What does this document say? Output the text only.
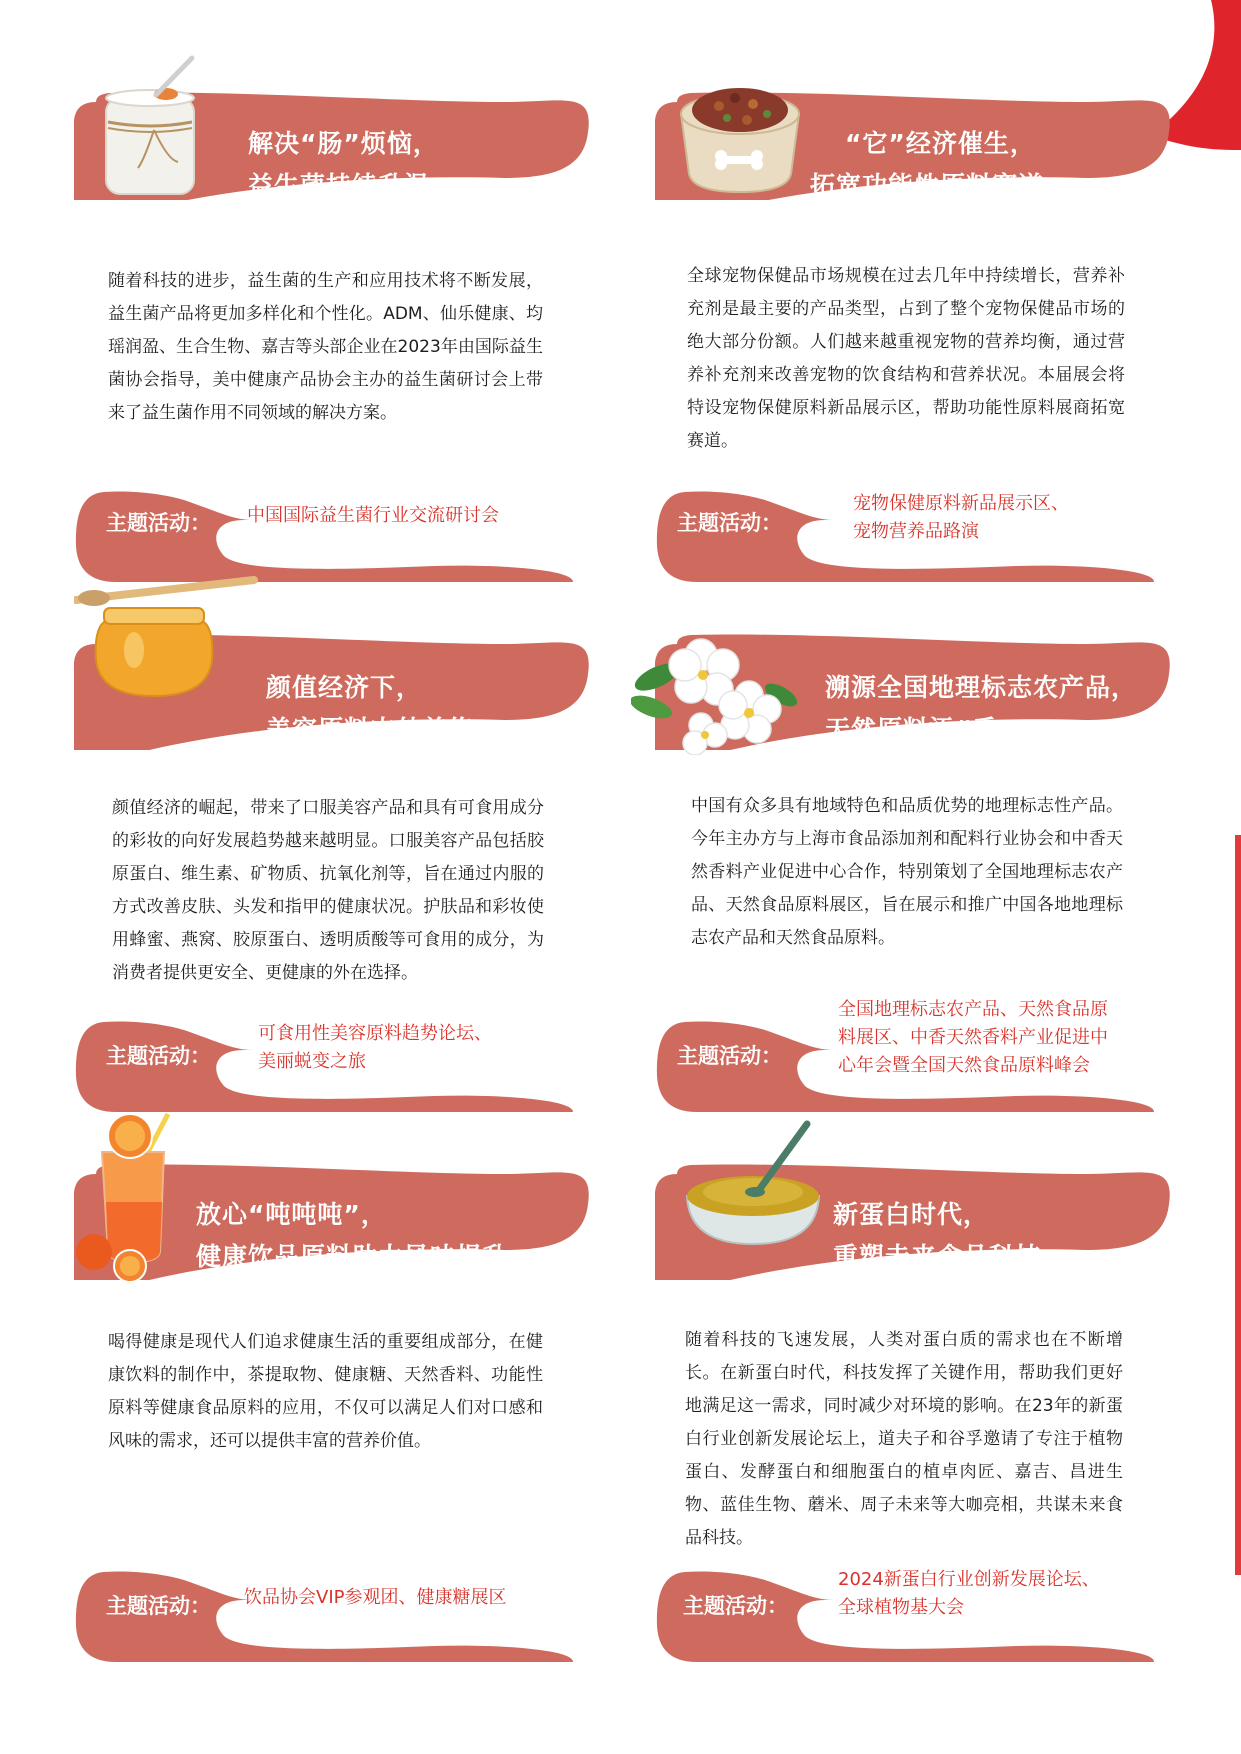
解决“肠”烦恼，
益生菌持续升温

随着科技的进步，益生菌的生产和应用技术将不断发展，益生菌产品将更加多样化和个性化。ADM、仙乐健康、均瑶润盈、生合生物、嘉吉等头部企业在2023年由国际益生菌协会指导，美中健康产品协会主办的益生菌研讨会上带来了益生菌作用不同领域的解决方案。

主题活动： 中国国际益生菌行业交流研讨会
“它”经济催生，
拓宽功能性原料赛道

全球宠物保健品市场规模在过去几年中持续增长，营养补充剂是最主要的产品类型，占到了整个宠物保健品市场的绝大部分份额。人们越来越重视宠物的营养均衡，通过营养补充剂来改善宠物的饮食结构和营养状况。本届展会将特设宠物保健原料新品展示区，帮助功能性原料展商拓宽赛道。

主题活动：
宠物保健原料新品展示区、
宠物营养品路演
颜值经济下，
美容原料内外兼修

颜值经济的崛起，带来了口服美容产品和具有可食用成分的彩妆的向好发展趋势越来越明显。口服美容产品包括胶原蛋白、维生素、矿物质、抗氧化剂等，旨在通过内服的方式改善皮肤、头发和指甲的健康状况。护肤品和彩妆使用蜂蜜、燕窝、胶原蛋白、透明质酸等可食用的成分，为消费者提供更安全、更健康的外在选择。

主题活动：
可食用性美容原料趋势论坛、
美丽蜕变之旅
溯源全国地理标志农产品，
天然原料添“香”

中国有众多具有地域特色和品质优势的地理标志性产品。今年主办方与上海市食品添加剂和配料行业协会和中香天然香料产业促进中心合作，特别策划了全国地理标志农产品、天然食品原料展区，旨在展示和推广中国各地地理标志农产品和天然食品原料。

主题活动：
全国地理标志农产品、天然食品原
料展区、中香天然香料产业促进中
心年会暨全国天然食品原料峰会
放心“吨吨吨”，
健康饮品原料助力风味提升

喝得健康是现代人们追求健康生活的重要组成部分，在健康饮料的制作中，茶提取物、健康糖、天然香料、功能性原料等健康食品原料的应用，不仅可以满足人们对口感和风味的需求，还可以提供丰富的营养价值。

主题活动： 饮品协会VIP参观团、健康糖展区
新蛋白时代，
重塑未来食品科技

随着科技的飞速发展，人类对蛋白质的需求也在不断增长。在新蛋白时代，科技发挥了关键作用，帮助我们更好地满足这一需求，同时减少对环境的影响。在23年的新蛋白行业创新发展论坛上，道夫子和谷孚邀请了专注于植物蛋白、发酵蛋白和细胞蛋白的植卓肉匠、嘉吉、昌进生物、蓝佳生物、蘑米、周子未来等大咖亮相，共谋未来食品科技。

主题活动：
2024新蛋白行业创新发展论坛、
全球植物基大会
